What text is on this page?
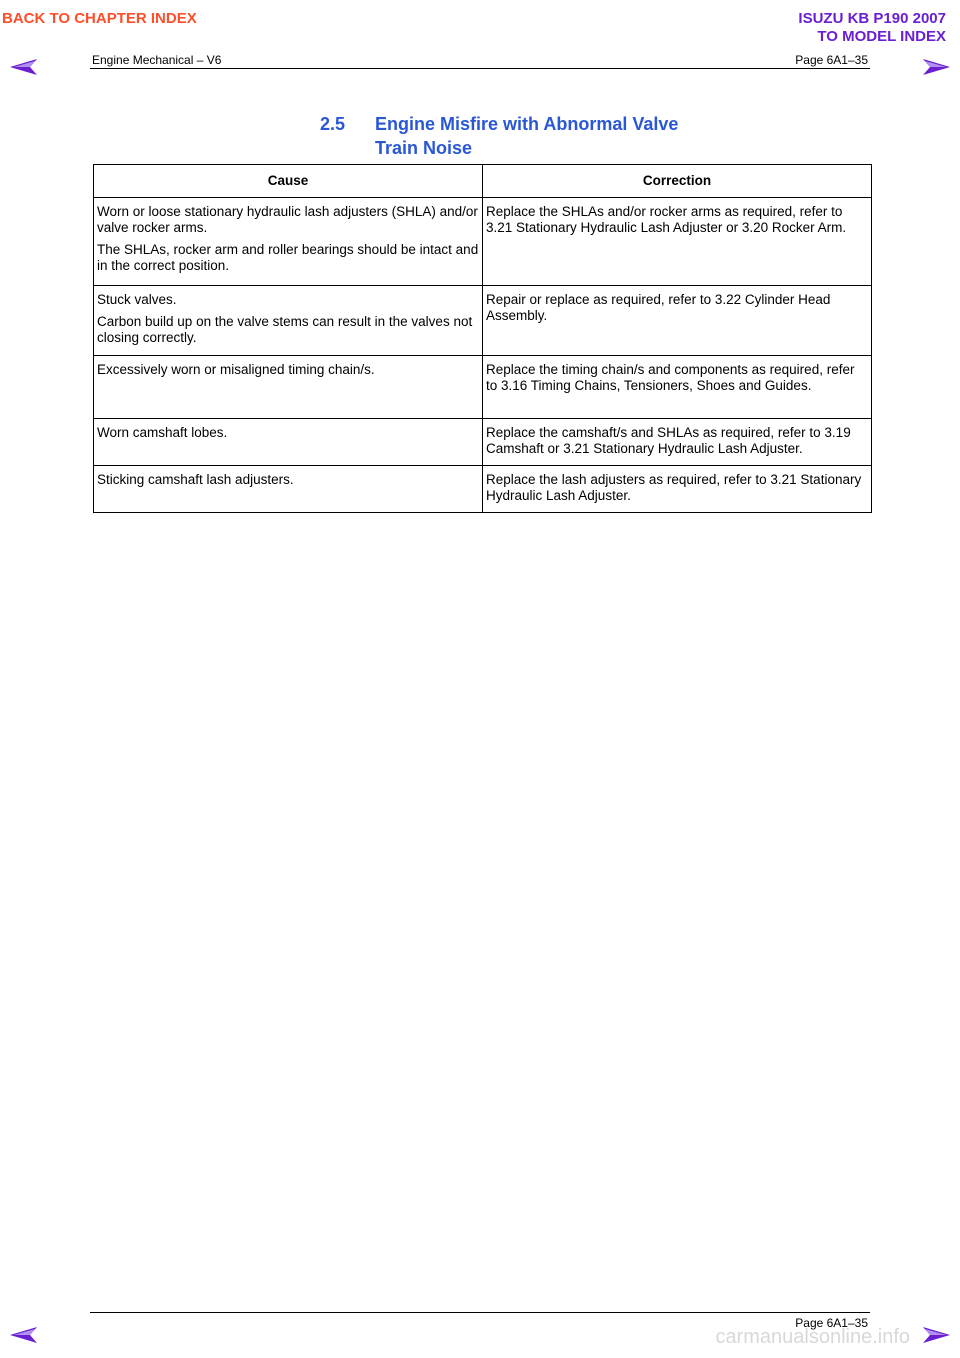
BACK TO CHAPTER INDEX	ISUZU KB P190 2007
TO MODEL INDEX
Engine Mechanical – V6	Page 6A1–35
2.5 Engine Misfire with Abnormal Valve
Train Noise
Cause	Correction

Worn or loose stationary hydraulic lash adjusters (SHLA) and/or valve rocker arms.

The SHLAs, rocker arm and roller bearings should be intact and in the correct position.	Replace the SHLAs and/or rocker arms as required, refer to 3.21 Stationary Hydraulic Lash Adjuster or 3.20 Rocker Arm.

Stuck valves.

Carbon build up on the valve stems can result in the valves not closing correctly.	Repair or replace as required, refer to 3.22 Cylinder Head Assembly.

Excessively worn or misaligned timing chain/s.	Replace the timing chain/s and components as required, refer to 3.16 Timing Chains, Tensioners, Shoes and Guides.

Worn camshaft lobes.	Replace the camshaft/s and SHLAs as required, refer to 3.19 Camshaft or 3.21 Stationary Hydraulic Lash Adjuster.

Sticking camshaft lash adjusters.	Replace the lash adjusters as required, refer to 3.21 Stationary Hydraulic Lash Adjuster.

Page 6A1–35
carmanualsonline.info
